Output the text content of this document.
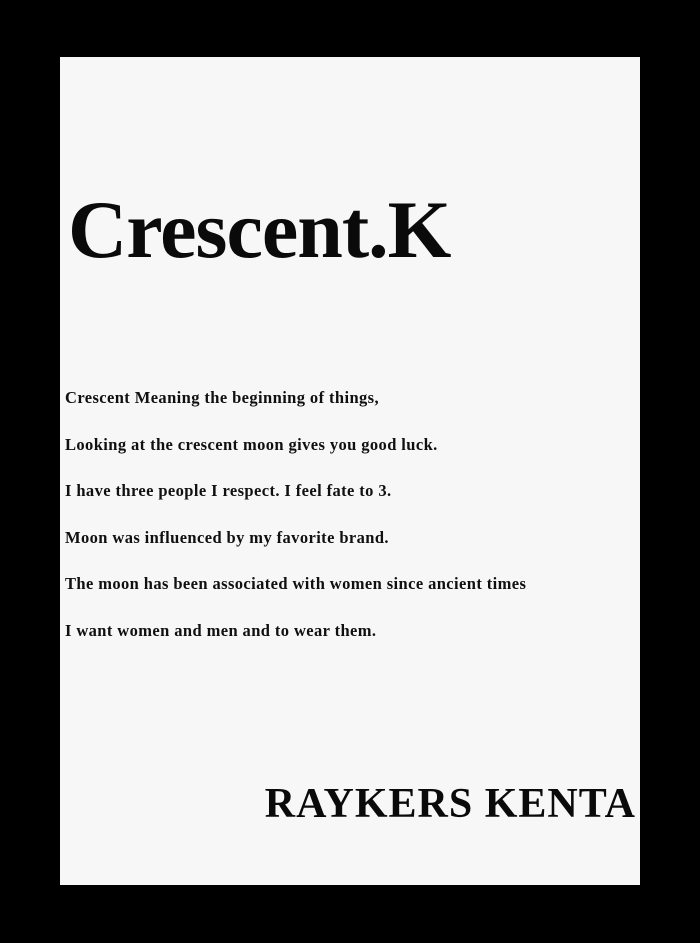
Crescent.K

Crescent Meaning the beginning of things,

Looking at the crescent moon gives you good luck.

I have three people I respect. I feel fate to 3.

Moon was influenced by my favorite brand.

The moon has been associated with women since ancient times

I want women and men and to wear them.

RAYKERS KENTA
